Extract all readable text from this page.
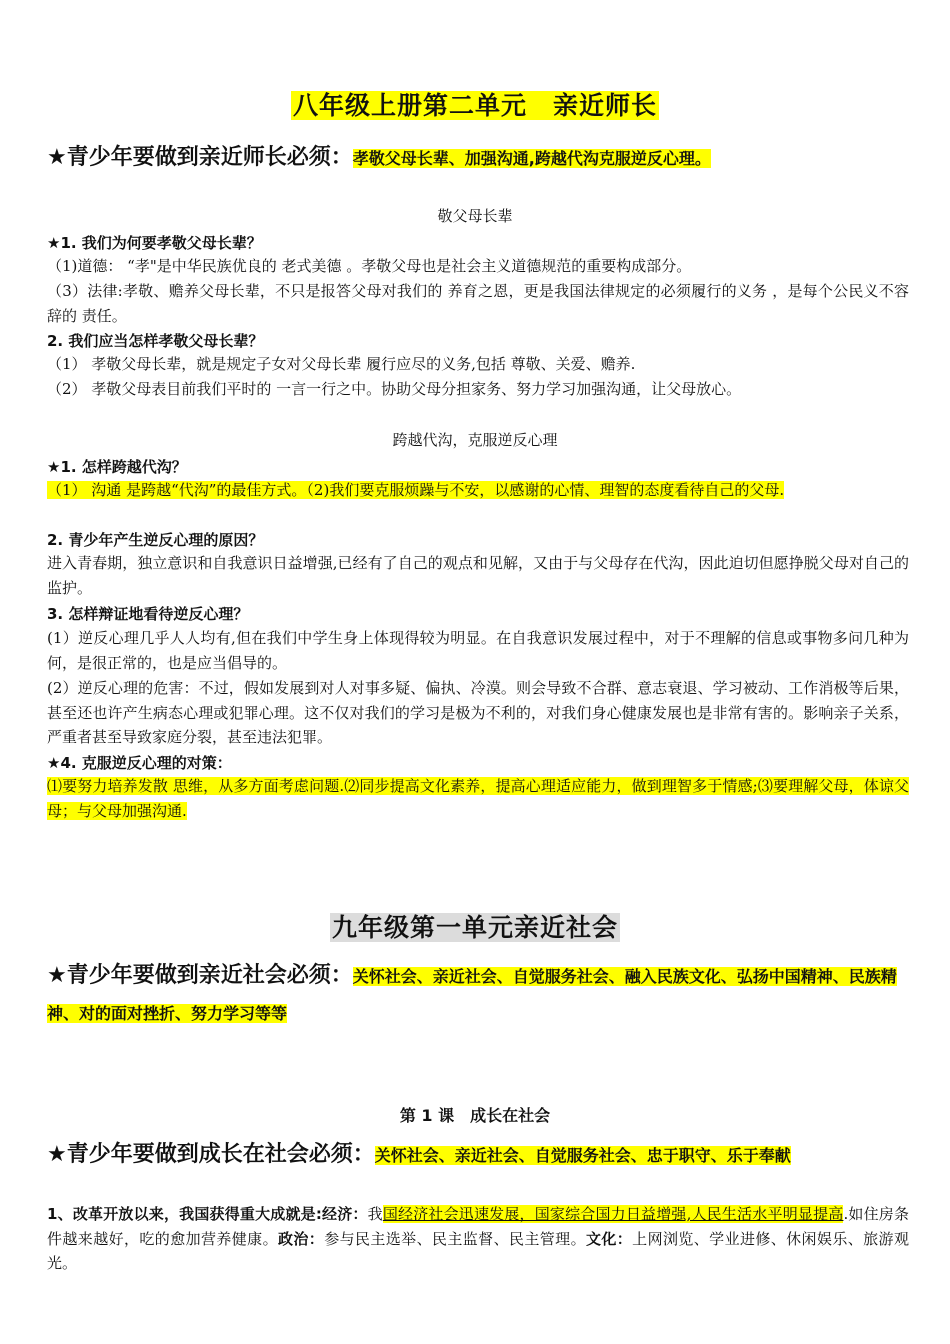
八年级上册第二单元　亲近师长
★青少年要做到亲近师长必须：孝敬父母长辈、加强沟通,跨越代沟克服逆反心理。
敬父母长辈
★1. 我们为何要孝敬父母长辈？
（1)道德： “孝"是中华民族优良的 老式美德 。孝敬父母也是社会主义道德规范的重要构成部分。
（3）法律:孝敬、赡养父母长辈，不只是报答父母对我们的 养育之恩，更是我国法律规定的必须履行的义务 ，是每个公民义不容辞的 责任。
2. 我们应当怎样孝敬父母长辈？
（1） 孝敬父母长辈，就是规定子女对父母长辈 履行应尽的义务,包括 尊敬、关爱、赡养.
（2） 孝敬父母表目前我们平时的 一言一行之中。协助父母分担家务、努力学习加强沟通，让父母放心。
跨越代沟，克服逆反心理
★1. 怎样跨越代沟？
（1） 沟通 是跨越“代沟”的最佳方式。（2)我们要克服烦躁与不安，以感谢的心情、理智的态度看待自己的父母.
2. 青少年产生逆反心理的原因？
进入青春期，独立意识和自我意识日益增强,已经有了自己的观点和见解，又由于与父母存在代沟，因此迫切但愿挣脱父母对自己的监护。
3. 怎样辩证地看待逆反心理？
(1）逆反心理几乎人人均有,但在我们中学生身上体现得较为明显。在自我意识发展过程中，对于不理解的信息或事物多问几种为何，是很正常的，也是应当倡导的。
(2）逆反心理的危害：不过，假如发展到对人对事多疑、偏执、冷漠。则会导致不合群、意志衰退、学习被动、工作消极等后果，甚至还也许产生病态心理或犯罪心理。这不仅对我们的学习是极为不利的，对我们身心健康发展也是非常有害的。影响亲子关系，严重者甚至导致家庭分裂，甚至违法犯罪。
★4. 克服逆反心理的对策：
⑴要努力培养发散 思维，从多方面考虑问题.⑵同步提高文化素养，提高心理适应能力，做到理智多于情感;⑶要理解父母，体谅父母；与父母加强沟通.
九年级第一单元亲近社会
★青少年要做到亲近社会必须：关怀社会、亲近社会、自觉服务社会、融入民族文化、弘扬中国精神、民族精神、对的面对挫折、努力学习等等
第 1 课　成长在社会
★青少年要做到成长在社会必须：关怀社会、亲近社会、自觉服务社会、忠于职守、乐于奉献
1、改革开放以来，我国获得重大成就是:经济：我国经济社会迅速发展，国家综合国力日益增强,人民生活水平明显提高.如住房条件越来越好，吃的愈加营养健康。政治：参与民主选举、民主监督、民主管理。文化：上网浏览、学业进修、休闲娱乐、旅游观光。
